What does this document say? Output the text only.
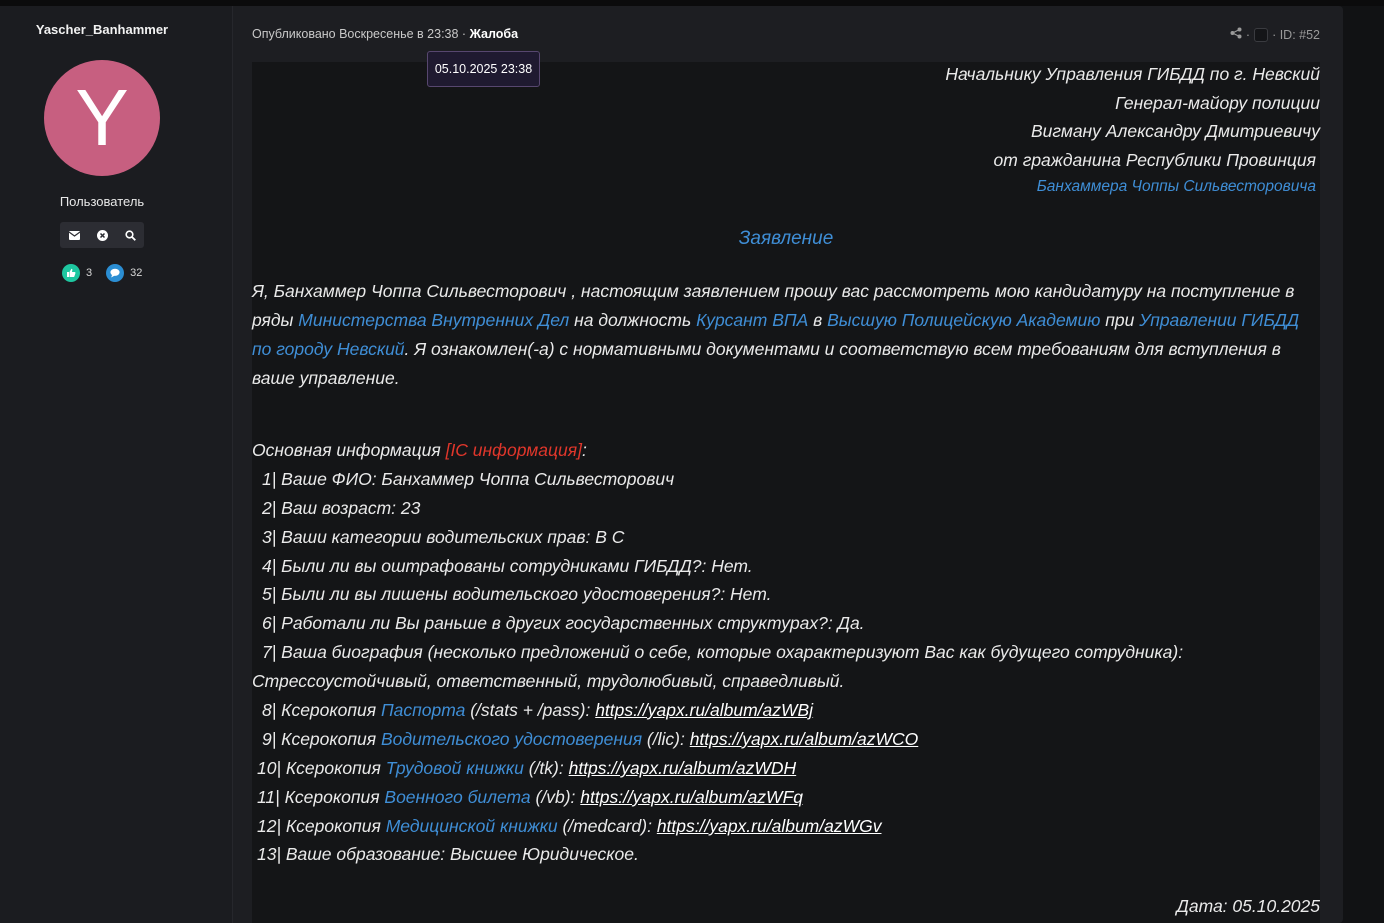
Yascher_Banhammer
Y
Пользователь
3	32
Опубликовано Воскресенье в 23:38 · Жалоба	· · ID: #52
Начальнику Управления ГИБДД по г. Невский
Генерал-майору полиции
Вигману Александру Дмитриевичу
от гражданина Республики Провинция
Банхаммера Чоппы Сильвесторовича
Заявление
Я, Банхаммер Чоппа Сильвесторович , настоящим заявлением прошу вас рассмотреть мою кандидатуру на поступление в ряды Министерства Внутренних Дел на должность Курсант ВПА в Высшую Полицейскую Академию при Управлении ГИБДД по городу Невский. Я ознакомлен(-а) с нормативными документами и соответствую всем требованиям для вступления в ваше управление.
Основная информация [IC информация]:
1| Ваше ФИО: Банхаммер Чоппа Сильвесторович
2| Ваш возраст: 23
3| Ваши категории водительских прав: B C
4| Были ли вы оштрафованы сотрудниками ГИБДД?: Нет.
5| Были ли вы лишены водительского удостоверения?: Нет.
6| Работали ли Вы раньше в других государственных структурах?: Да.
7| Ваша биография (несколько предложений о себе, которые охарактеризуют Вас как будущего сотрудника):
Стрессоустойчивый, ответственный, трудолюбивый, справедливый.
8| Ксерокопия Паспорта (/stats + /pass): https://yapx.ru/album/azWBj
9| Ксерокопия Водительского удостоверения (/lic): https://yapx.ru/album/azWCO
10| Ксерокопия Трудовой книжки (/tk): https://yapx.ru/album/azWDH
11| Ксерокопия Военного билета (/vb): https://yapx.ru/album/azWFq
12| Ксерокопия Медицинской книжки (/medcard): https://yapx.ru/album/azWGv
13| Ваше образование: Высшее Юридическое.
Дата: 05.10.2025
05.10.2025 23:38
